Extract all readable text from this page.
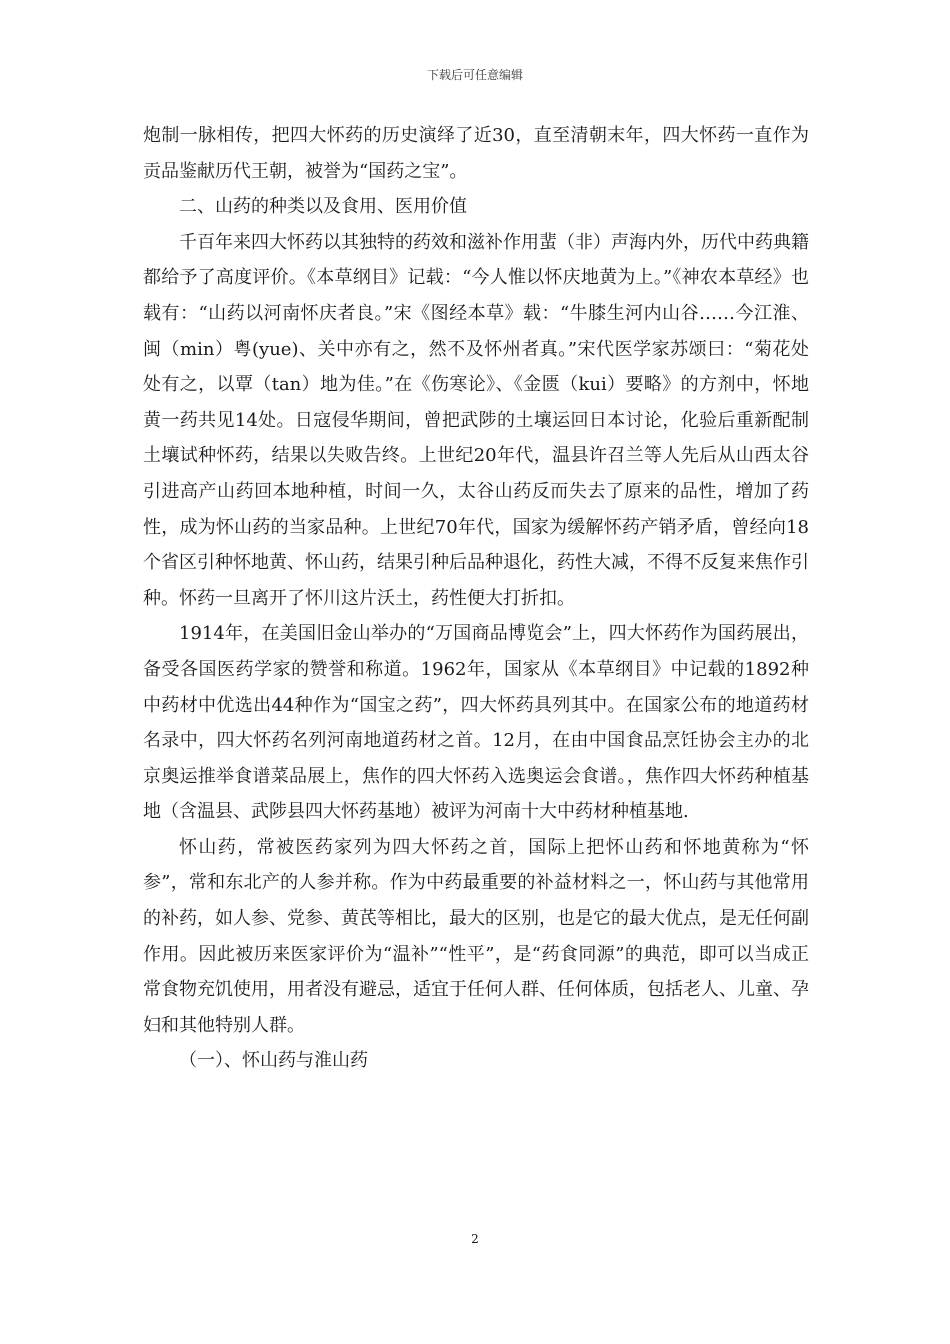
下载后可任意编辑

炮制一脉相传，把四大怀药的历史演绎了近30，直至清朝末年，四大怀药一直作为贡品鉴献历代王朝，被誉为“国药之宝”。

二、山药的种类以及食用、医用价值

千百年来四大怀药以其独特的药效和滋补作用蜚（非）声海内外，历代中药典籍都给予了高度评价。《本草纲目》记载：“今人惟以怀庆地黄为上。”《神农本草经》也载有：“山药以河南怀庆者良。”宋《图经本草》载：“牛膝生河内山谷……今江淮、闽（min）粤(yue)、关中亦有之，然不及怀州者真。”宋代医学家苏颂曰：“菊花处处有之，以覃（tan）地为佳。”在《伤寒论》、《金匮（kui）要略》的方剂中，怀地黄一药共见14处。日寇侵华期间，曾把武陟的土壤运回日本讨论，化验后重新配制土壤试种怀药，结果以失败告终。上世纪20年代，温县许召兰等人先后从山西太谷引进高产山药回本地种植，时间一久，太谷山药反而失去了原来的品性，增加了药性，成为怀山药的当家品种。上世纪70年代，国家为缓解怀药产销矛盾，曾经向18个省区引种怀地黄、怀山药，结果引种后品种退化，药性大减，不得不反复来焦作引种。怀药一旦离开了怀川这片沃土，药性便大打折扣。

1914年，在美国旧金山举办的“万国商品博览会”上，四大怀药作为国药展出，备受各国医药学家的赞誉和称道。1962年，国家从《本草纲目》中记载的1892种中药材中优选出44种作为“国宝之药”，四大怀药具列其中。在国家公布的地道药材名录中，四大怀药名列河南地道药材之首。12月，在由中国食品烹饪协会主办的北京奥运推举食谱菜品展上，焦作的四大怀药入选奥运会食谱。，焦作四大怀药种植基地（含温县、武陟县四大怀药基地）被评为河南十大中药材种植基地.

怀山药，常被医药家列为四大怀药之首，国际上把怀山药和怀地黄称为“怀参”，常和东北产的人参并称。作为中药最重要的补益材料之一，怀山药与其他常用的补药，如人参、党参、黄芪等相比，最大的区别，也是它的最大优点，是无任何副作用。因此被历来医家评价为“温补”“性平”，是“药食同源”的典范，即可以当成正常食物充饥使用，用者没有避忌，适宜于任何人群、任何体质，包括老人、儿童、孕妇和其他特别人群。

（一）、怀山药与淮山药

2
